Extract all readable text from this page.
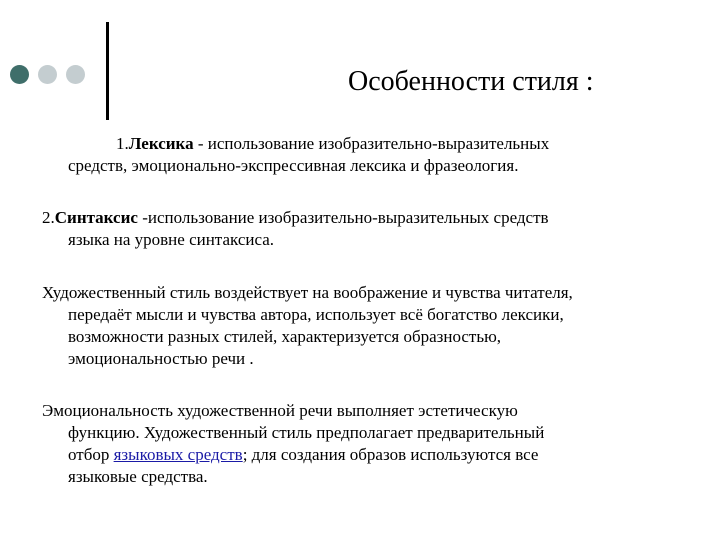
Особенности стиля :
1.Лексика - использование изобразительно-выразительных
средств, эмоционально-экспрессивная лексика и фразеология.
2.Синтаксис -использование изобразительно-выразительных средств
языка на уровне синтаксиса.
Художественный стиль воздействует на воображение и чувства читателя,
передаёт мысли и чувства автора, использует всё богатство лексики,
возможности разных стилей, характеризуется образностью,
эмоциональностью речи .
Эмоциональность художественной речи выполняет эстетическую
функцию. Художественный стиль предполагает предварительный
отбор языковых средств; для создания образов используются все
языковые средства.
